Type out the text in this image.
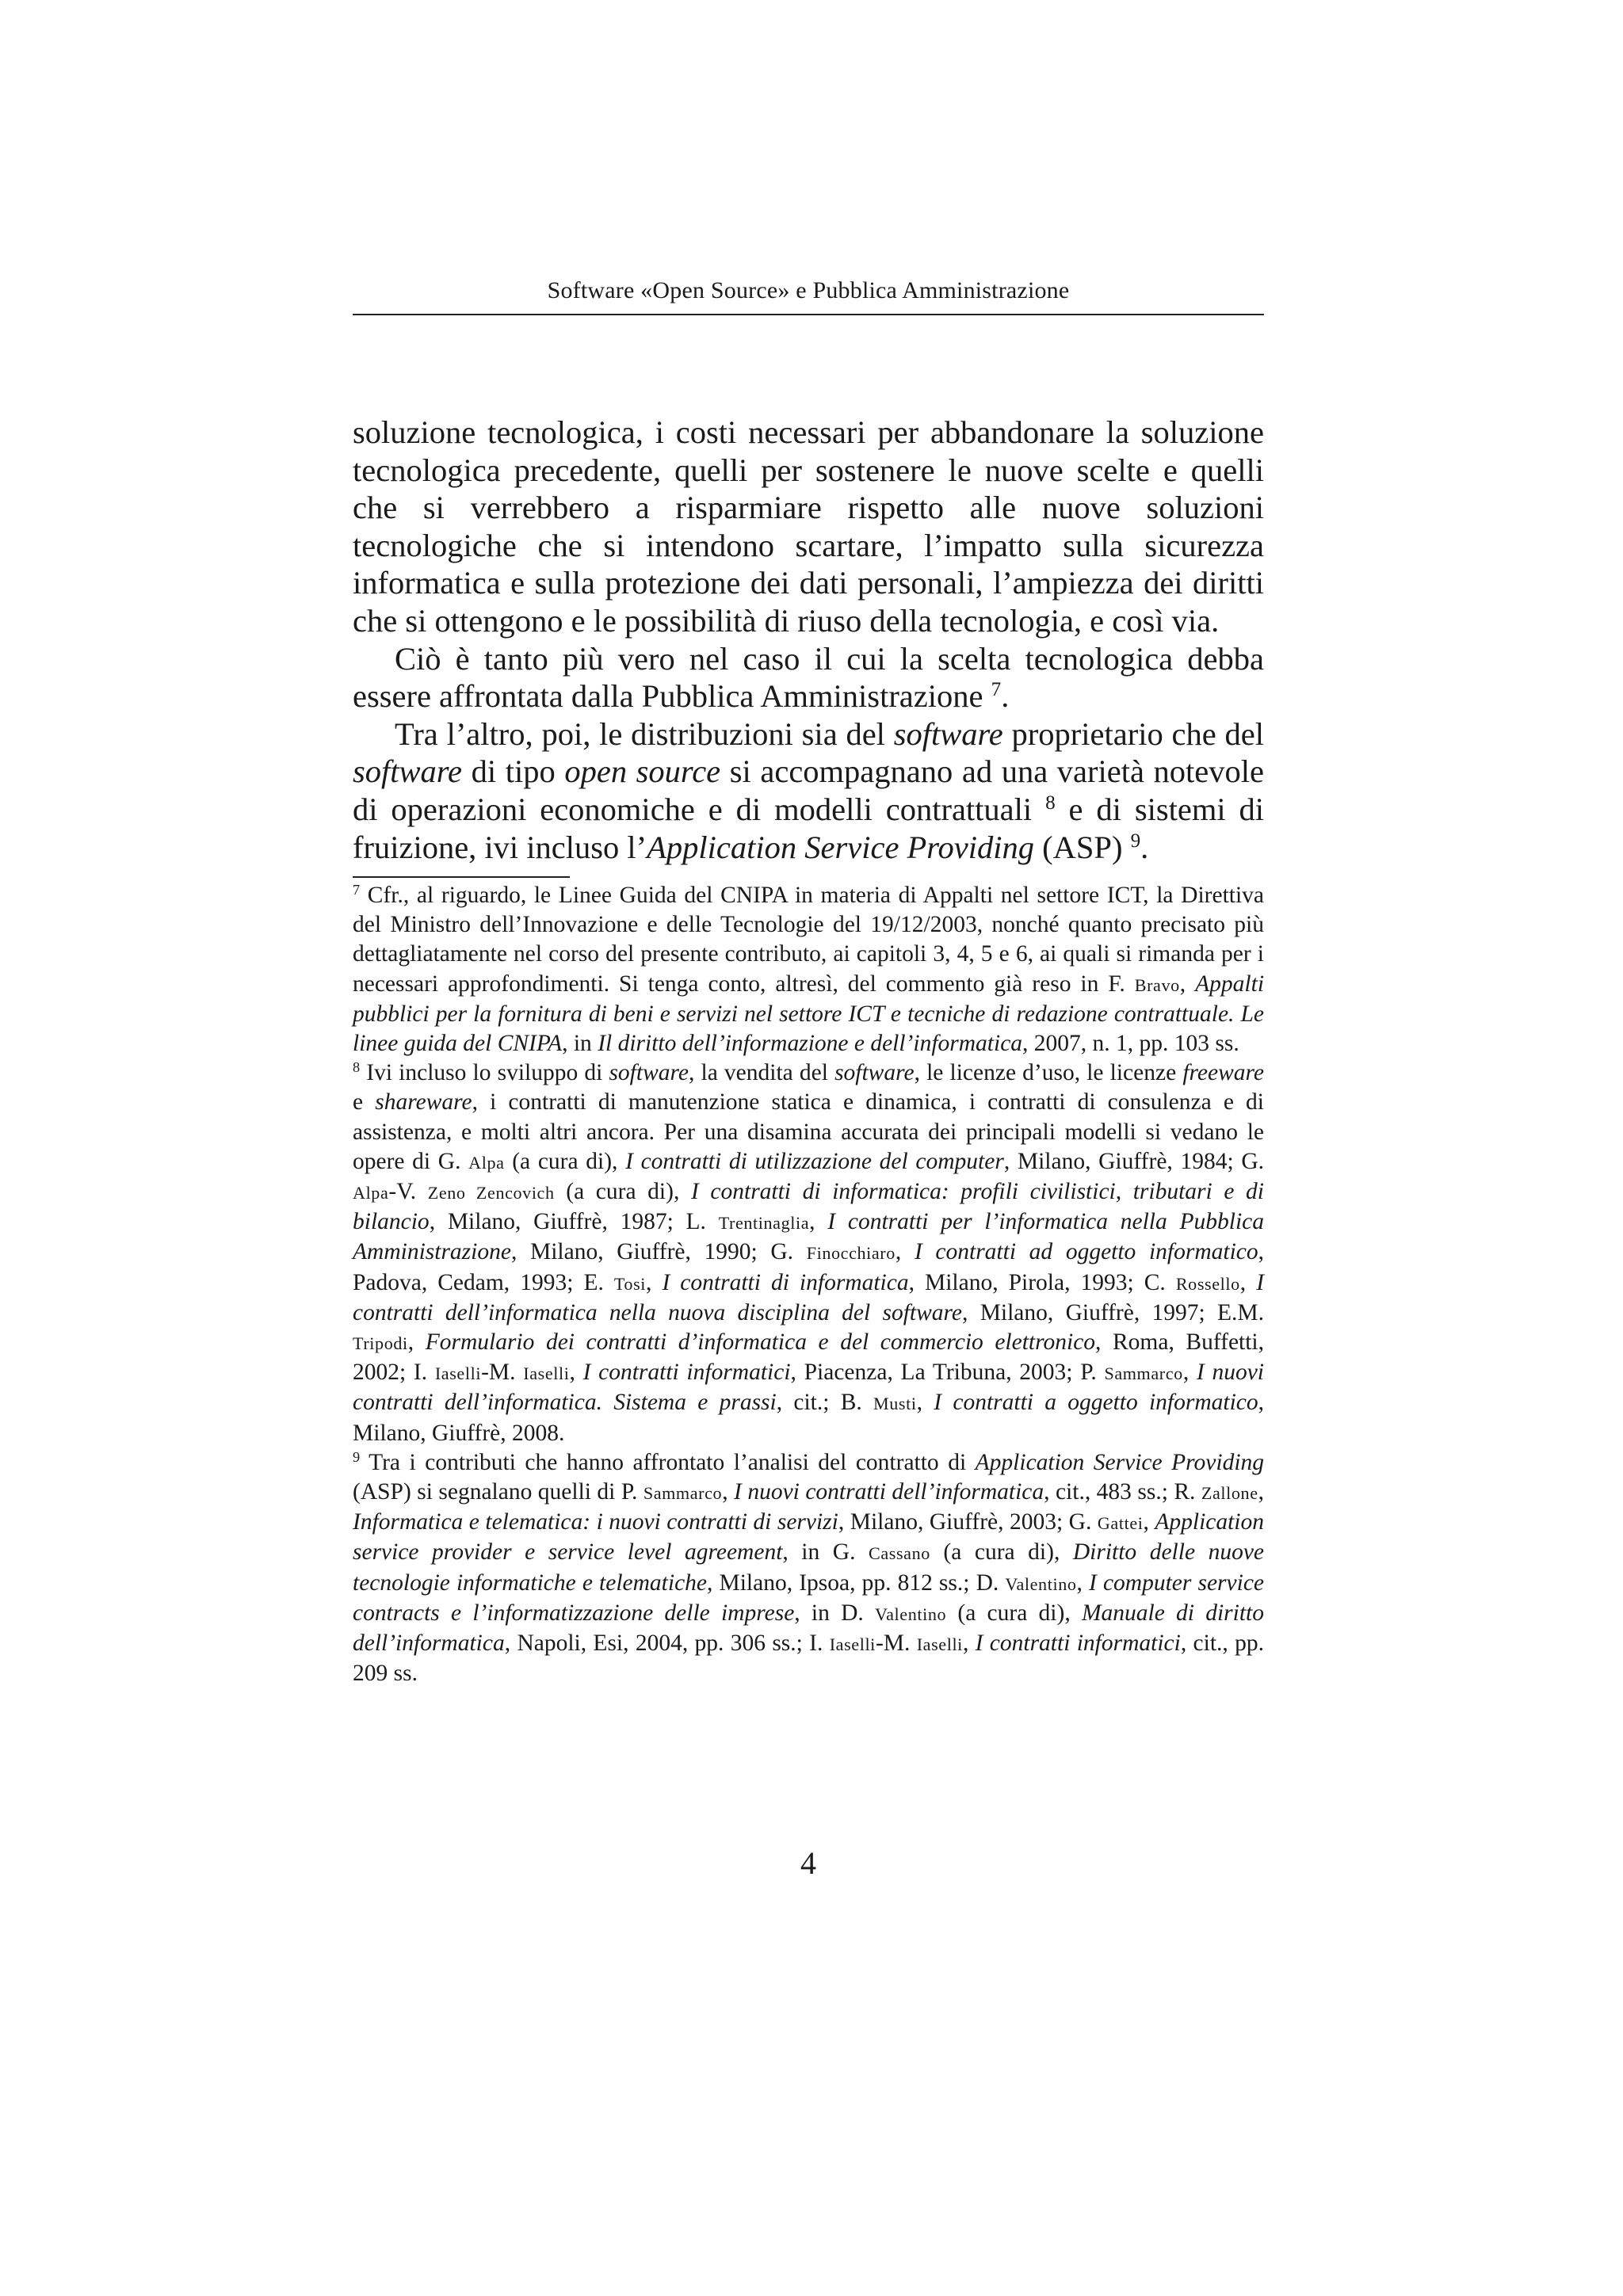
Software «Open Source» e Pubblica Amministrazione

soluzione tecnologica, i costi necessari per abbandonare la soluzione tecnologica precedente, quelli per sostenere le nuove scelte e quelli che si verrebbero a risparmiare rispetto alle nuove soluzioni tecnologiche che si intendono scartare, l’impatto sulla sicurezza informatica e sulla protezione dei dati personali, l’ampiezza dei diritti che si ottengono e le possibilità di riuso della tecnologia, e così via.

Ciò è tanto più vero nel caso il cui la scelta tecnologica debba essere affrontata dalla Pubblica Amministrazione $^7$.

Tra l’altro, poi, le distribuzioni sia del software proprietario che del software di tipo open source si accompagnano ad una varietà notevole di operazioni economiche e di modelli contrattuali $^8$ e di sistemi di fruizione, ivi incluso l’Application Service Providing (ASP) $^9$.

$^7$ Cfr., al riguardo, le Linee Guida del CNIPA in materia di Appalti nel settore ICT, la Direttiva del Ministro dell’Innovazione e delle Tecnologie del 19/12/2003, nonché quanto precisato più dettagliatamente nel corso del presente contributo, ai capitoli 3, 4, 5 e 6, ai quali si rimanda per i necessari approfondimenti. Si tenga conto, altresì, del commento già reso in F. Bravo, Appalti pubblici per la fornitura di beni e servizi nel settore ICT e tecniche di redazione contrattuale. Le linee guida del CNIPA, in Il diritto dell’informazione e dell’informatica, 2007, n. 1, pp. 103 ss.

$^8$ Ivi incluso lo sviluppo di software, la vendita del software, le licenze d’uso, le licenze freeware e shareware, i contratti di manutenzione statica e dinamica, i contratti di consulenza e di assistenza, e molti altri ancora. Per una disamina accurata dei principali modelli si vedano le opere di G. Alpa (a cura di), I contratti di utilizzazione del computer, Milano, Giuffrè, 1984; G. Alpa-V. Zeno Zencovich (a cura di), I contratti di informatica: profili civilistici, tributari e di bilancio, Milano, Giuffrè, 1987; L. Trentinaglia, I contratti per l’informatica nella Pubblica Amministrazione, Milano, Giuffrè, 1990; G. Finocchiaro, I contratti ad oggetto informatico, Padova, Cedam, 1993; E. Tosi, I contratti di informatica, Milano, Pirola, 1993; C. Rossello, I contratti dell’informatica nella nuova disciplina del software, Milano, Giuffrè, 1997; E.M. Tripodi, Formulario dei contratti d’informatica e del commercio elettronico, Roma, Buffetti, 2002; I. Iaselli-M. Iaselli, I contratti informatici, Piacenza, La Tribuna, 2003; P. Sammarco, I nuovi contratti dell’informatica. Sistema e prassi, cit.; B. Musti, I contratti a oggetto informatico, Milano, Giuffrè, 2008.

$^9$ Tra i contributi che hanno affrontato l’analisi del contratto di Application Service Providing (ASP) si segnalano quelli di P. Sammarco, I nuovi contratti dell’informatica, cit., 483 ss.; R. Zallone, Informatica e telematica: i nuovi contratti di servizi, Milano, Giuffrè, 2003; G. Gattei, Application service provider e service level agreement, in G. Cassano (a cura di), Diritto delle nuove tecnologie informatiche e telematiche, Milano, Ipsoa, pp. 812 ss.; D. Valentino, I computer service contracts e l’informatizzazione delle imprese, in D. Valentino (a cura di), Manuale di diritto dell’informatica, Napoli, Esi, 2004, pp. 306 ss.; I. Iaselli-M. Iaselli, I contratti informatici, cit., pp. 209 ss.

4
